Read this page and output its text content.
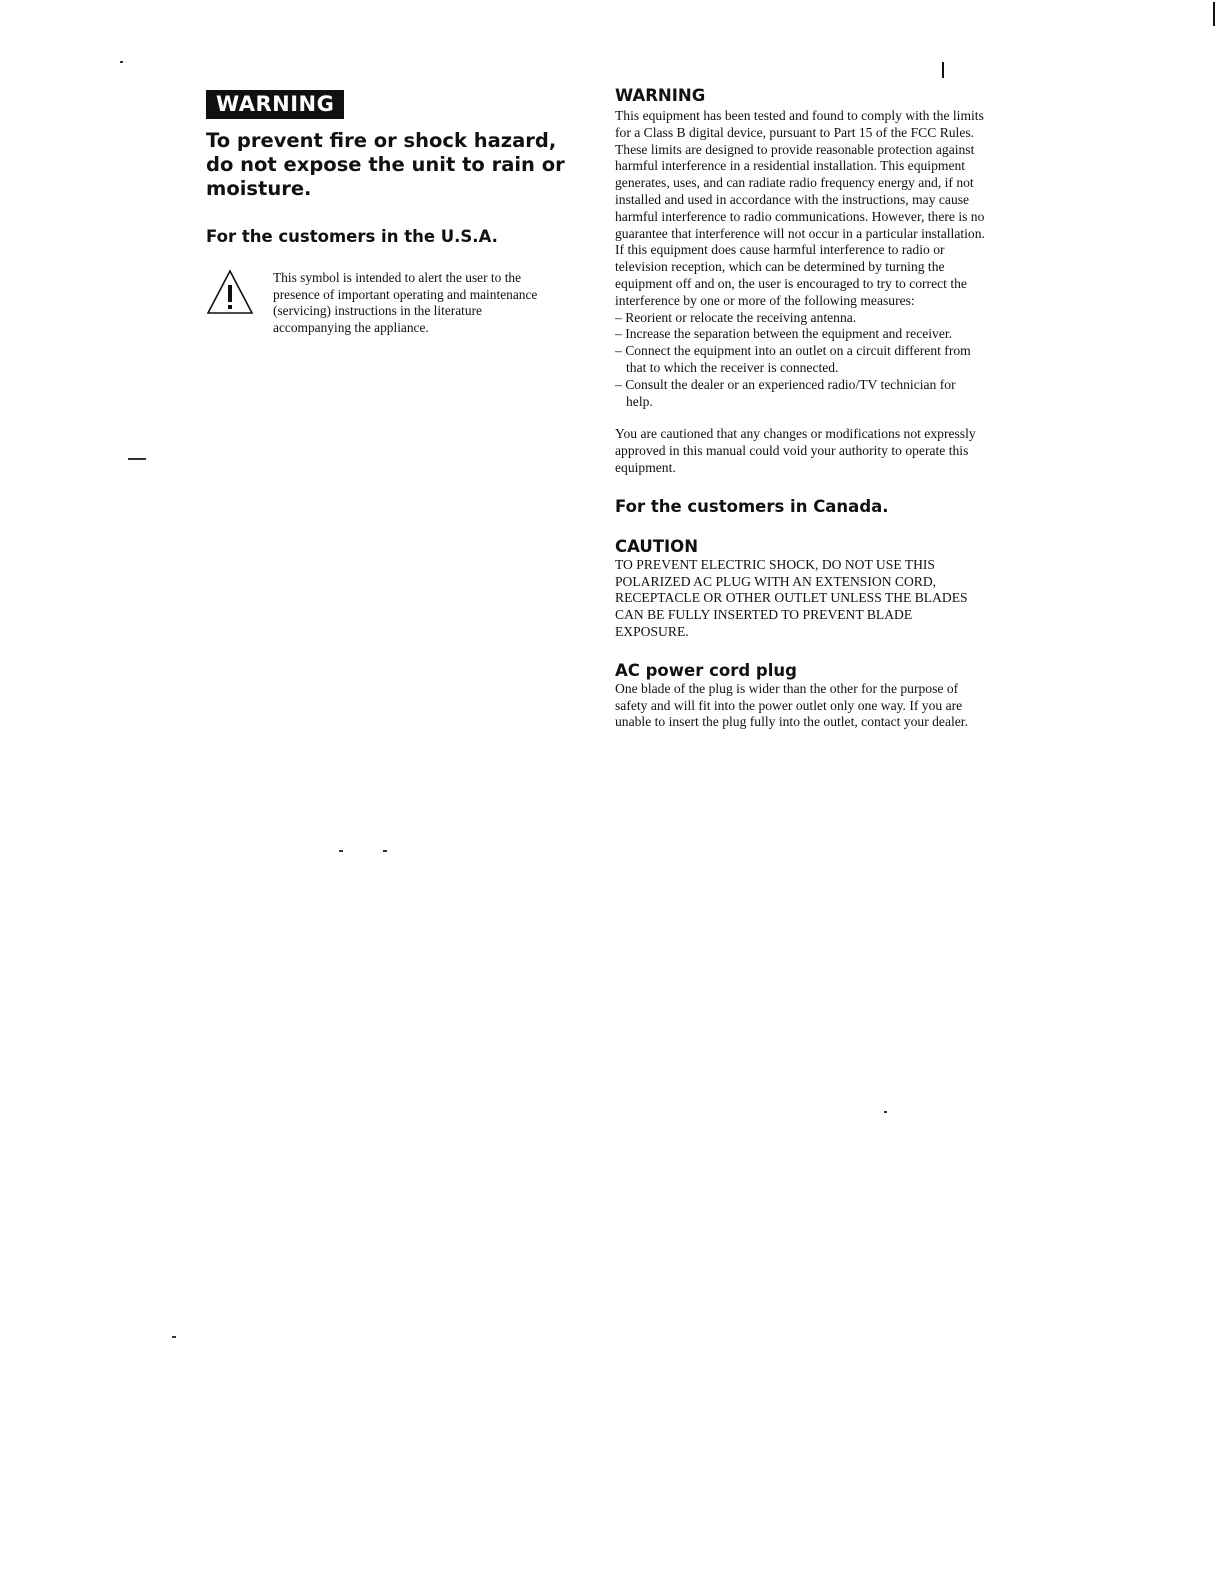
WARNING

To prevent fire or shock hazard, do not expose the unit to rain or moisture.

For the customers in the U.S.A.
This symbol is intended to alert the user to the presence of important operating and maintenance (servicing) instructions in the literature accompanying the appliance.
WARNING

This equipment has been tested and found to comply with the limits for a Class B digital device, pursuant to Part 15 of the FCC Rules. These limits are designed to provide reasonable protection against harmful interference in a residential installation. This equipment generates, uses, and can radiate radio frequency energy and, if not installed and used in accordance with the instructions, may cause harmful interference to radio communications. However, there is no guarantee that interference will not occur in a particular installation. If this equipment does cause harmful interference to radio or television reception, which can be determined by turning the equipment off and on, the user is encouraged to try to correct the interference by one or more of the following measures:

– Reorient or relocate the receiving antenna.
– Increase the separation between the equipment and receiver.
– Connect the equipment into an outlet on a circuit different from that to which the receiver is connected.
– Consult the dealer or an experienced radio/TV technician for help.

You are cautioned that any changes or modifications not expressly approved in this manual could void your authority to operate this equipment.

For the customers in Canada.
CAUTION

TO PREVENT ELECTRIC SHOCK, DO NOT USE THIS POLARIZED AC PLUG WITH AN EXTENSION CORD, RECEPTACLE OR OTHER OUTLET UNLESS THE BLADES CAN BE FULLY INSERTED TO PREVENT BLADE EXPOSURE.

AC power cord plug

One blade of the plug is wider than the other for the purpose of safety and will fit into the power outlet only one way. If you are unable to insert the plug fully into the outlet, contact your dealer.
